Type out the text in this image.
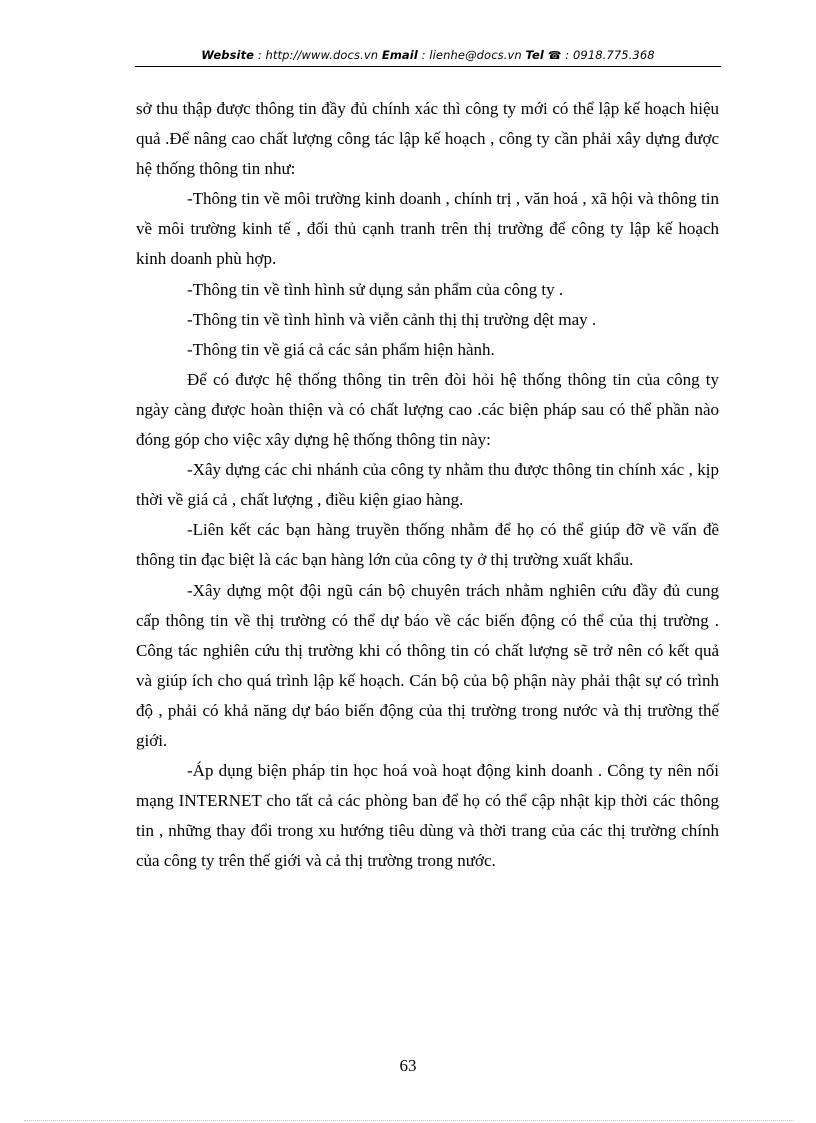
Website : http://www.docs.vn Email : lienhe@docs.vn Tel ☎ : 0918.775.368

sở thu thập được thông tin đầy đủ chính xác thì công ty mới có thể lập kế hoạch hiệu quả .Để nâng cao chất lượng công tác lập kế hoạch , công ty cần phải xây dựng được hệ thống thông tin như:

-Thông tin về môi trường kinh doanh , chính trị , văn hoá , xã hội và thông tin về môi trường kinh tế , đối thủ cạnh tranh trên thị trường để công ty lập kế hoạch kinh doanh phù hợp.

-Thông tin về tình hình sử dụng sản phẩm của công ty .

-Thông tin về tình hình và viễn cảnh thị thị trường dệt may .

-Thông tin về giá cả các sản phẩm hiện hành.

Để có được hệ thống thông tin trên đòi hỏi hệ thống thông tin của công ty ngày càng được hoàn thiện và có chất lượng cao .các biện pháp sau có thể phần nào đóng góp cho việc xây dựng hệ thống thông tin này:

-Xây dựng các chi nhánh của công ty nhằm thu được thông tin chính xác , kịp thời về giá cả , chất lượng , điều kiện giao hàng.

-Liên kết các bạn hàng truyền thống nhằm để họ có thể giúp đỡ về vấn đề thông tin đạc biệt là các bạn hàng lớn của công ty ở thị trường xuất khẩu.

-Xây dựng một đội ngũ cán bộ chuyên trách nhằm nghiên cứu đầy đủ cung cấp thông tin về thị trường có thể dự báo về các biến động có thể của thị trường . Công tác nghiên cứu thị trường khi có thông tin có chất lượng sẽ trở nên có kết quả và giúp ích cho quá trình lập kế hoạch. Cán bộ của bộ phận này phải thật sự có trình độ , phải có khả năng dự báo biến động của thị trường trong nước và thị trường thế giới.

-Áp dụng biện pháp tin học hoá voà hoạt động kinh doanh . Công ty nên nối mạng INTERNET cho tất cả các phòng ban để họ có thể cập nhật kịp thời các thông tin , những thay đổi trong xu hướng tiêu dùng và thời trang của các thị trường chính của công ty trên thế giới và cả thị trường trong nước.

63
